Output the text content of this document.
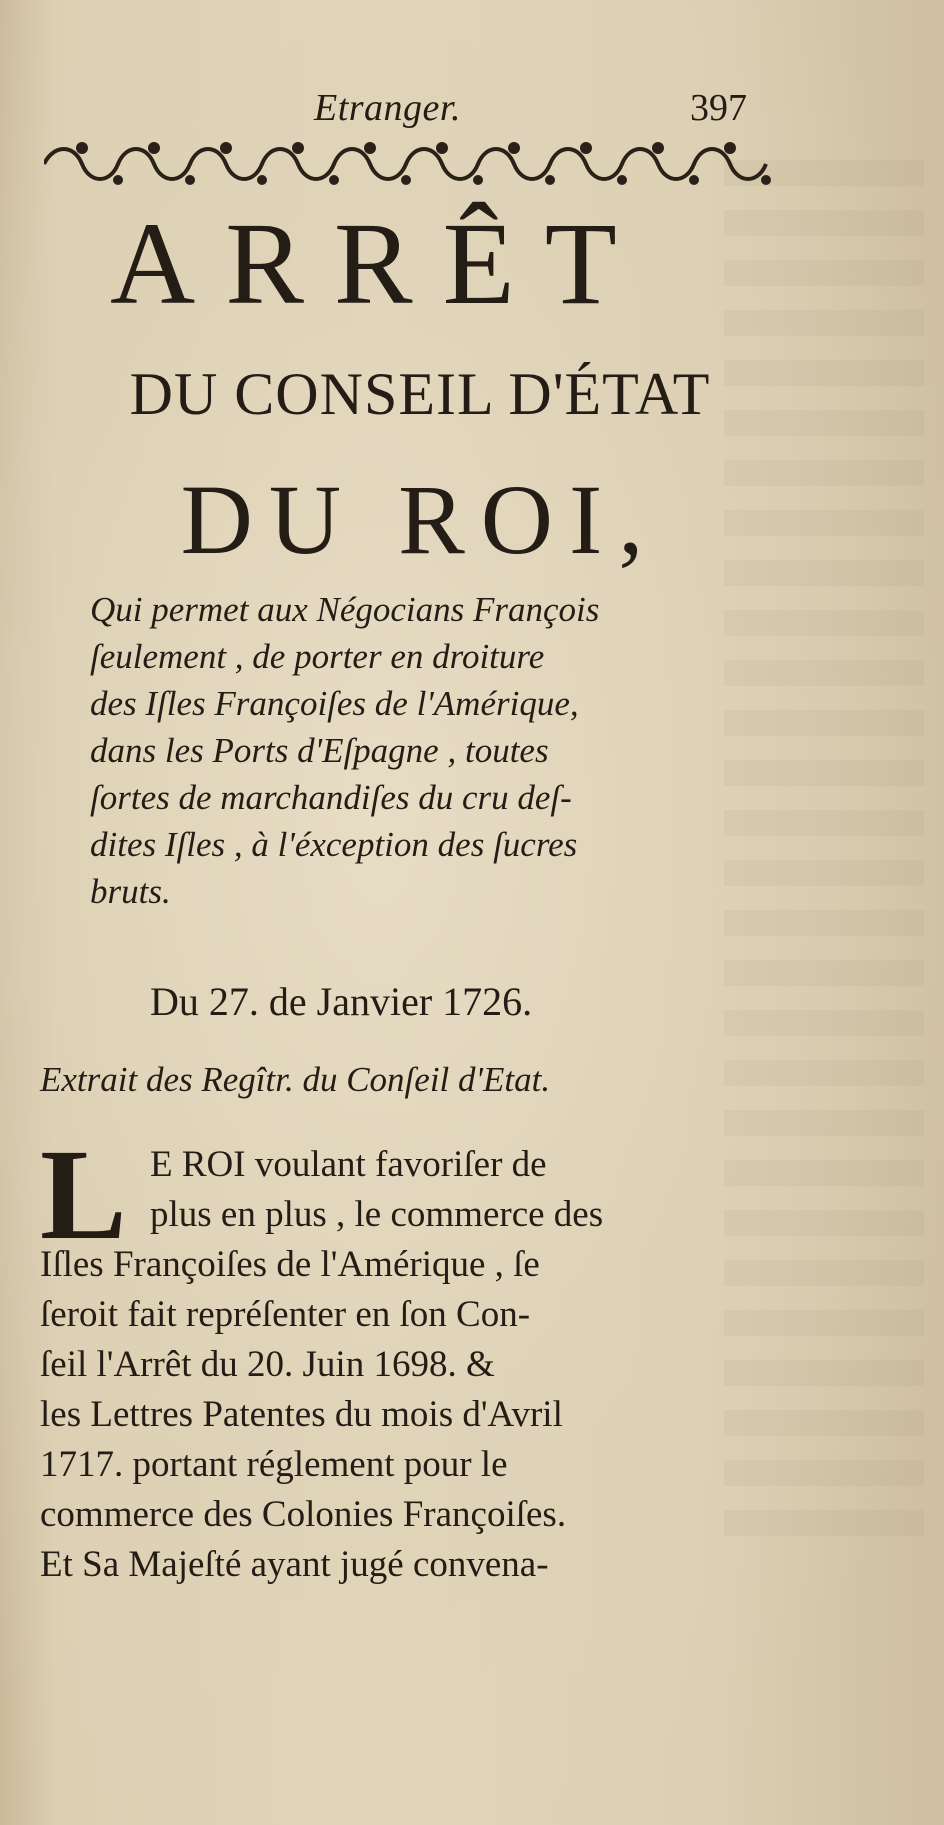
Etranger.	397
ARRÊT
DU CONSEIL D'ÉTAT
DU ROI,
Qui permet aux Négocians François
ſeulement , de porter en droiture
des Iſles Françoiſes de l'Amérique,
dans les Ports d'Eſpagne , toutes
ſortes de marchandiſes du cru deſ-
dites Iſles , à l'éxception des ſucres
bruts.
Du 27. de Janvier 1726.
Extrait des Regîtr. du Conſeil d'Etat.
L E ROI voulant favoriſer de
plus en plus , le commerce des
Iſles Françoiſes de l'Amérique , ſe
ſeroit fait repréſenter en ſon Con-
ſeil l'Arrêt du 20. Juin 1698. &
les Lettres Patentes du mois d'Avril
1717. portant réglement pour le
commerce des Colonies Françoiſes.
Et Sa Majeſté ayant jugé convena-
